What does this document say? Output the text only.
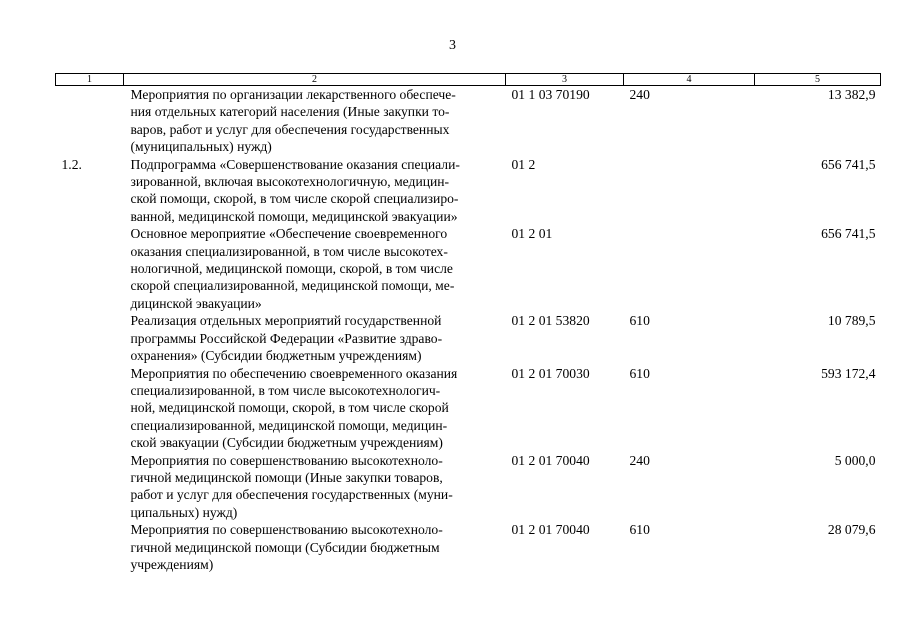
3
1	2	3	4	5

	Мероприятия по организации лекарственного обеспече-
ния отдельных категорий населения (Иные закупки то-
варов, работ и услуг для обеспечения государственных
(муниципальных) нужд)	01 1 03 70190	240	13 382,9
1.2.	Подпрограмма «Совершенствование оказания специали-
зированной, включая высокотехнологичную, медицин-
ской помощи, скорой, в том числе скорой специализиро-
ванной, медицинской помощи, медицинской эвакуации»	01 2		656 741,5

	Основное мероприятие «Обеспечение своевременного
оказания специализированной, в том числе высокотех-
нологичной, медицинской помощи, скорой, в том числе
скорой специализированной, медицинской помощи, ме-
дицинской эвакуации»	01 2 01		656 741,5

	Реализация отдельных мероприятий государственной
программы Российской Федерации «Развитие здраво-
охранения» (Субсидии бюджетным учреждениям)	01 2 01 53820	610	10 789,5

	Мероприятия по обеспечению своевременного оказания
специализированной, в том числе высокотехнологич-
ной, медицинской помощи, скорой, в том числе скорой
специализированной, медицинской помощи, медицин-
ской эвакуации (Субсидии бюджетным учреждениям)	01 2 01 70030	610	593 172,4

	Мероприятия по совершенствованию высокотехноло-
гичной медицинской помощи (Иные закупки товаров,
работ и услуг для обеспечения государственных (муни-
ципальных) нужд)	01 2 01 70040	240	5 000,0

	Мероприятия по совершенствованию высокотехноло-
гичной медицинской помощи (Субсидии бюджетным
учреждениям)	01 2 01 70040	610	28 079,6
